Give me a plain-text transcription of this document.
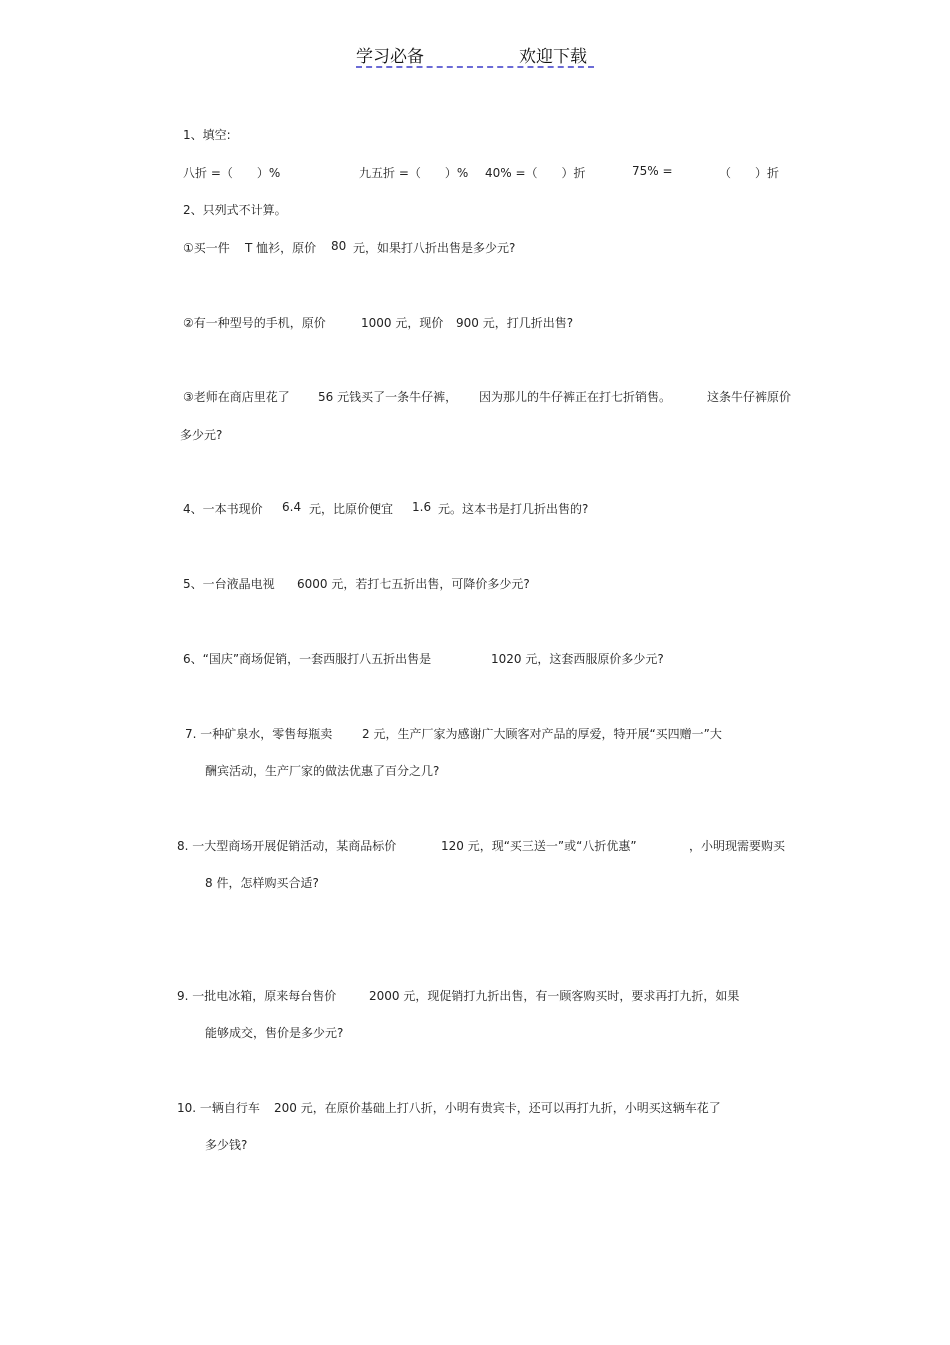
学习必备	欢迎下载
1、填空:
八折 =（　　）%	九五折 =（　　）% 40% =（　　）折	75% =	（　　）折
2、只列式不计算。
①买一件 T 恤衫，原价 80 元，如果打八折出售是多少元?
②有一种型号的手机，原价	1000 元，现价 900 元，打几折出售?
③老师在商店里花了 56 元钱买了一条牛仔裤， 因为那儿的牛仔裤正在打七折销售。	这条牛仔裤原价
多少元?
4、一本书现价 6.4 元，比原价便宜 1.6 元。这本书是打几折出售的?
5、一台液晶电视 6000 元，若打七五折出售，可降价多少元?
6、“国庆”商场促销，一套西服打八五折出售是	1020 元，这套西服原价多少元?
7. 一种矿泉水，零售每瓶卖 2 元，生产厂家为感谢广大顾客对产品的厚爱，特开展“买四赠一”大
酬宾活动，生产厂家的做法优惠了百分之几?
8. 一大型商场开展促销活动，某商品标价	120 元，现“买三送一”或“八折优惠”	，小明现需要购买
8 件，怎样购买合适?
9. 一批电冰箱，原来每台售价	2000 元，现促销打九折出售，有一顾客购买时，要求再打九折，如果
能够成交，售价是多少元?
10. 一辆自行车 200 元，在原价基础上打八折，小明有贵宾卡，还可以再打九折，小明买这辆车花了
多少钱?
